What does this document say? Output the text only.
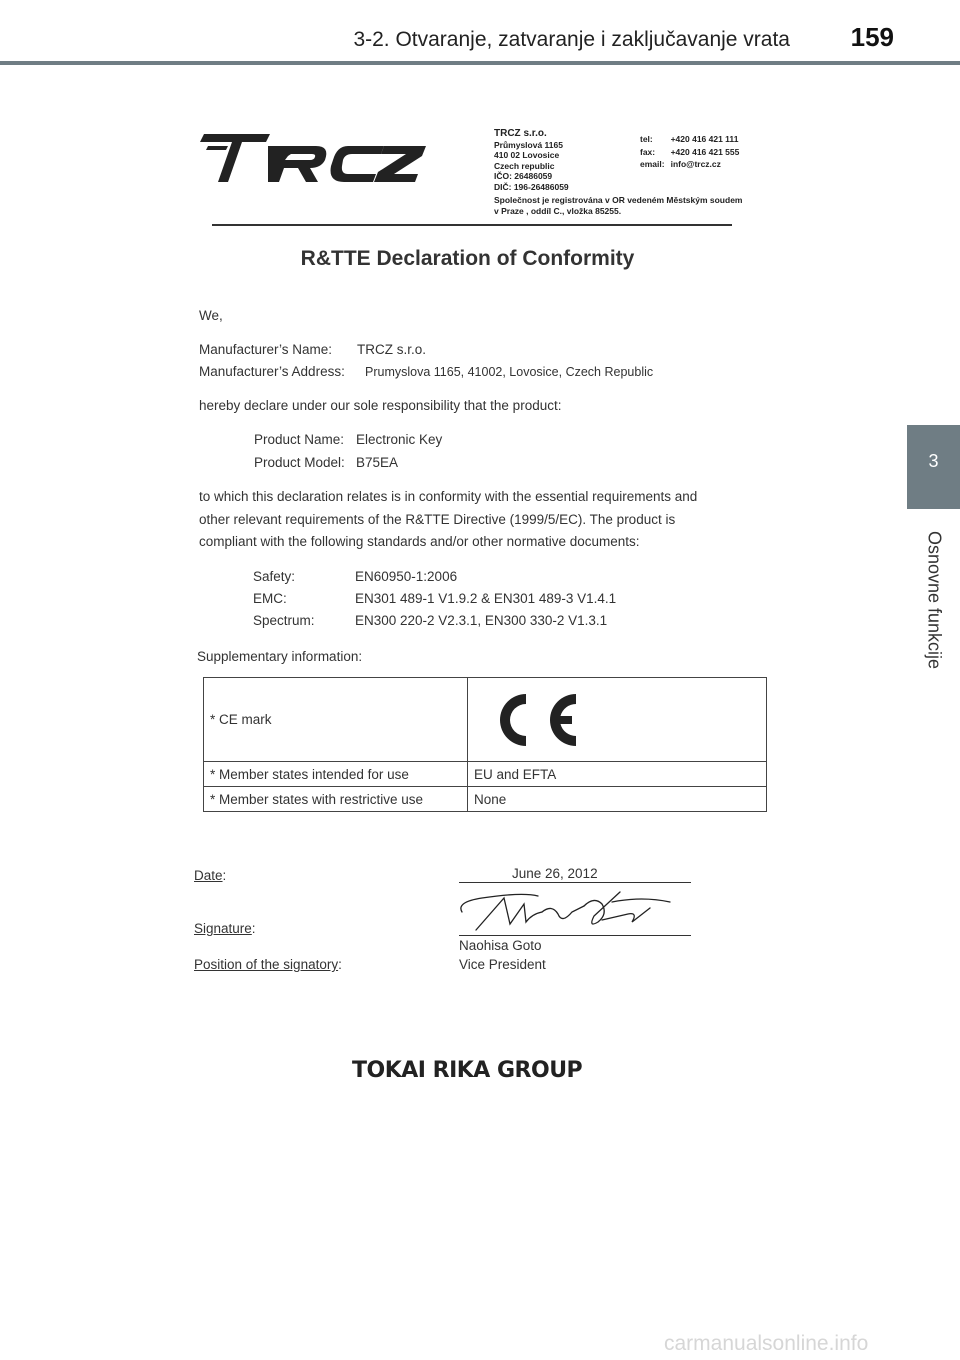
3-2. Otvaranje, zatvaranje i zaključavanje vrata 159
3
Osnovne funkcije
TRCZ s.r.o.
Průmyslová 1165
410 02 Lovosice
Czech republic
IČO: 26486059
DIČ: 196-26486059
tel:	+420 416 421 111
fax:	+420 416 421 555
email:	info@trcz.cz
Společnost je registrována v OR vedeném Městským soudem
v Praze , oddíl C., vložka 85255.
R&TTE Declaration of Conformity
We,
Manufacturer’s Name: TRCZ s.r.o.
Manufacturer’s Address: Prumyslova 1165, 41002, Lovosice, Czech Republic
hereby declare under our sole responsibility that the product:
Product Name: Electronic Key
Product Model: B75EA
to which this declaration relates is in conformity with the essential requirements and
other relevant requirements of the R&TTE Directive (1999/5/EC). The product is
compliant with the following standards and/or other normative documents:
Safety:	EN60950-1:2006
EMC:	EN301 489-1 V1.9.2 & EN301 489-3 V1.4.1
Spectrum:	EN300 220-2 V2.3.1, EN300 330-2 V1.3.1
Supplementary information:
* CE mark	

* Member states intended for use	EU and EFTA
* Member states with restrictive use	None
Date:	June 26, 2012
Signature:
Naohisa Goto
Position of the signatory:	Vice President
TOKAI RIKA GROUP
carmanualsonline.info
